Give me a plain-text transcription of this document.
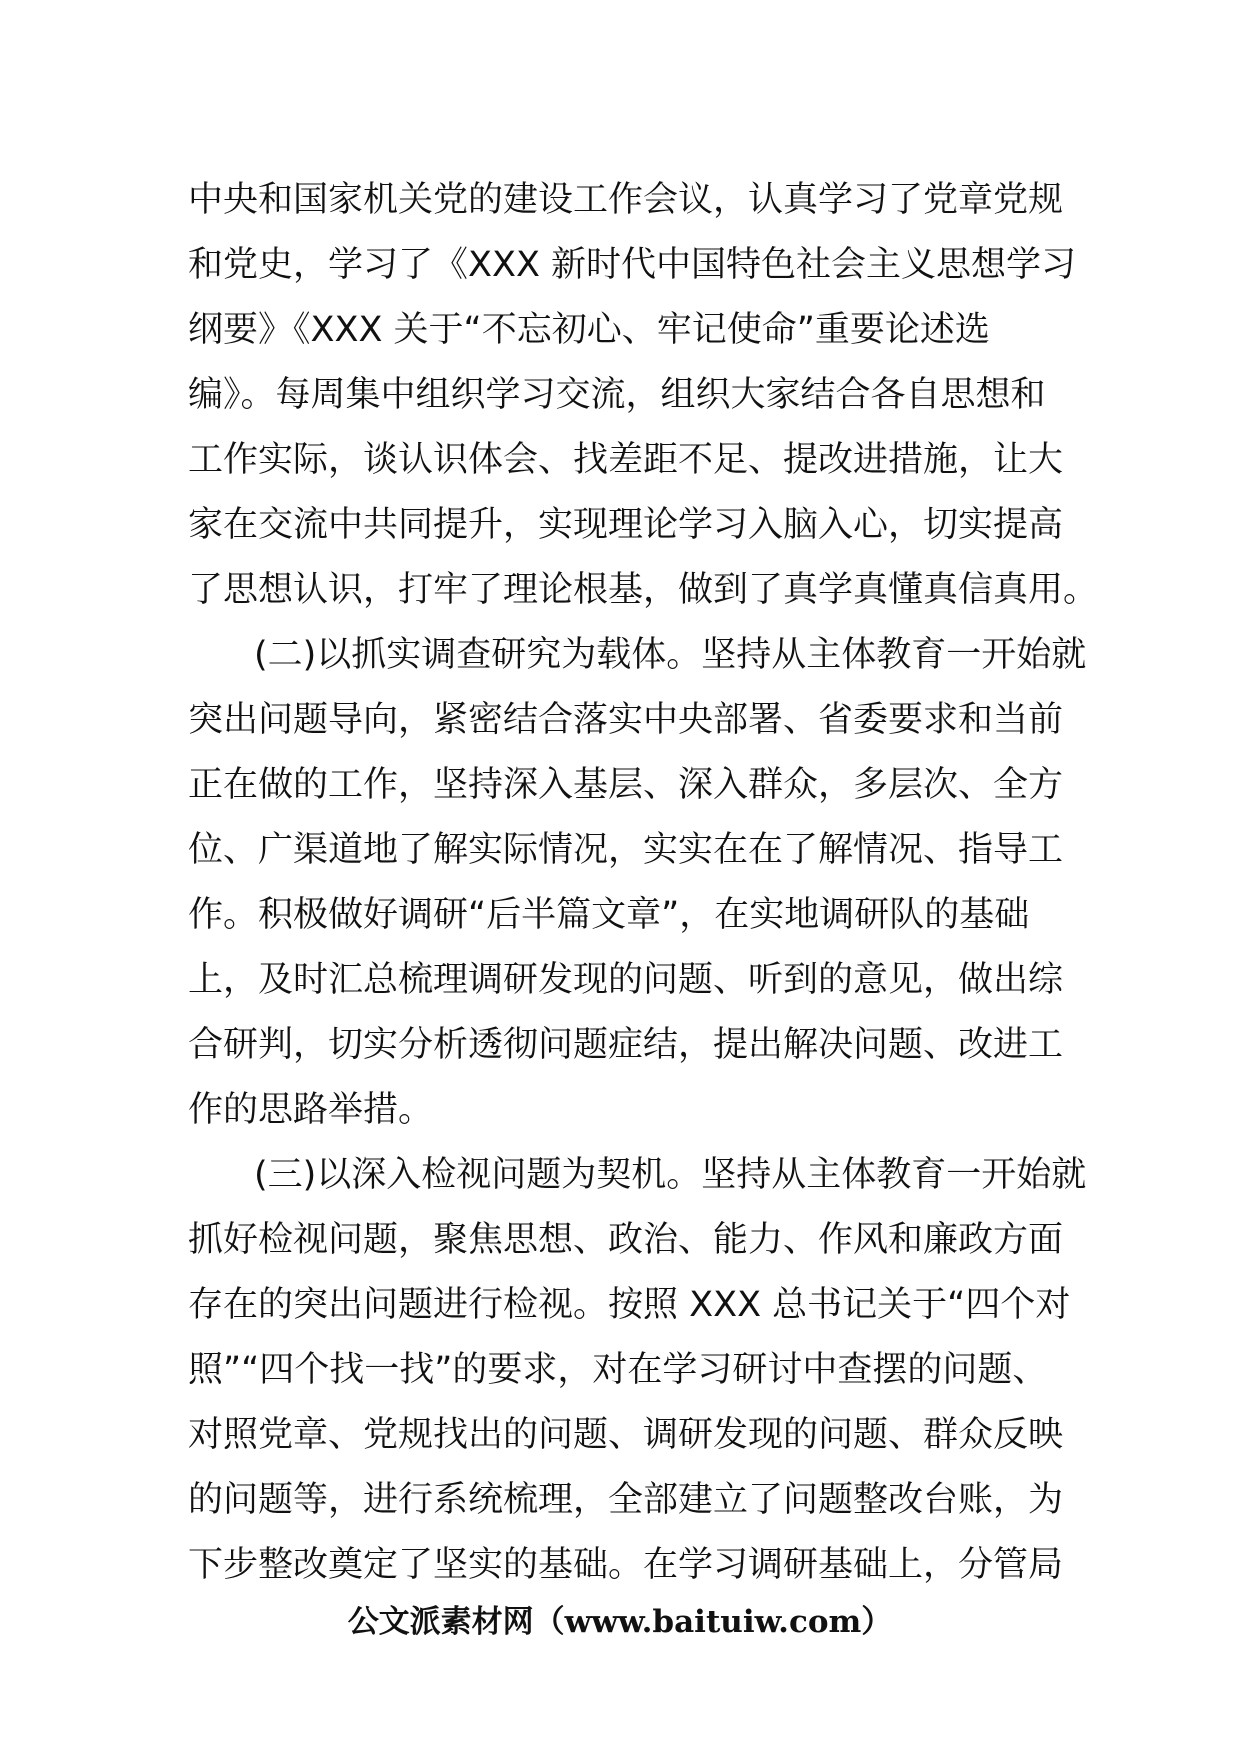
中央和国家机关党的建设工作会议，认真学习了党章党规
和党史，学习了《XXX 新时代中国特色社会主义思想学习
纲要》《XXX 关于“不忘初心、牢记使命”重要论述选
编》。每周集中组织学习交流，组织大家结合各自思想和
工作实际，谈认识体会、找差距不足、提改进措施，让大
家在交流中共同提升，实现理论学习入脑入心，切实提高
了思想认识，打牢了理论根基，做到了真学真懂真信真用。
(二)以抓实调查研究为载体。坚持从主体教育一开始就
突出问题导向，紧密结合落实中央部署、省委要求和当前
正在做的工作，坚持深入基层、深入群众，多层次、全方
位、广渠道地了解实际情况，实实在在了解情况、指导工
作。积极做好调研“后半篇文章”，在实地调研队的基础
上，及时汇总梳理调研发现的问题、听到的意见，做出综
合研判，切实分析透彻问题症结，提出解决问题、改进工
作的思路举措。
(三)以深入检视问题为契机。坚持从主体教育一开始就
抓好检视问题，聚焦思想、政治、能力、作风和廉政方面
存在的突出问题进行检视。按照 XXX 总书记关于“四个对
照”“四个找一找”的要求，对在学习研讨中查摆的问题、
对照党章、党规找出的问题、调研发现的问题、群众反映
的问题等，进行系统梳理，全部建立了问题整改台账，为
下步整改奠定了坚实的基础。在学习调研基础上，分管局
公文派素材网（www.baituiw.com）
